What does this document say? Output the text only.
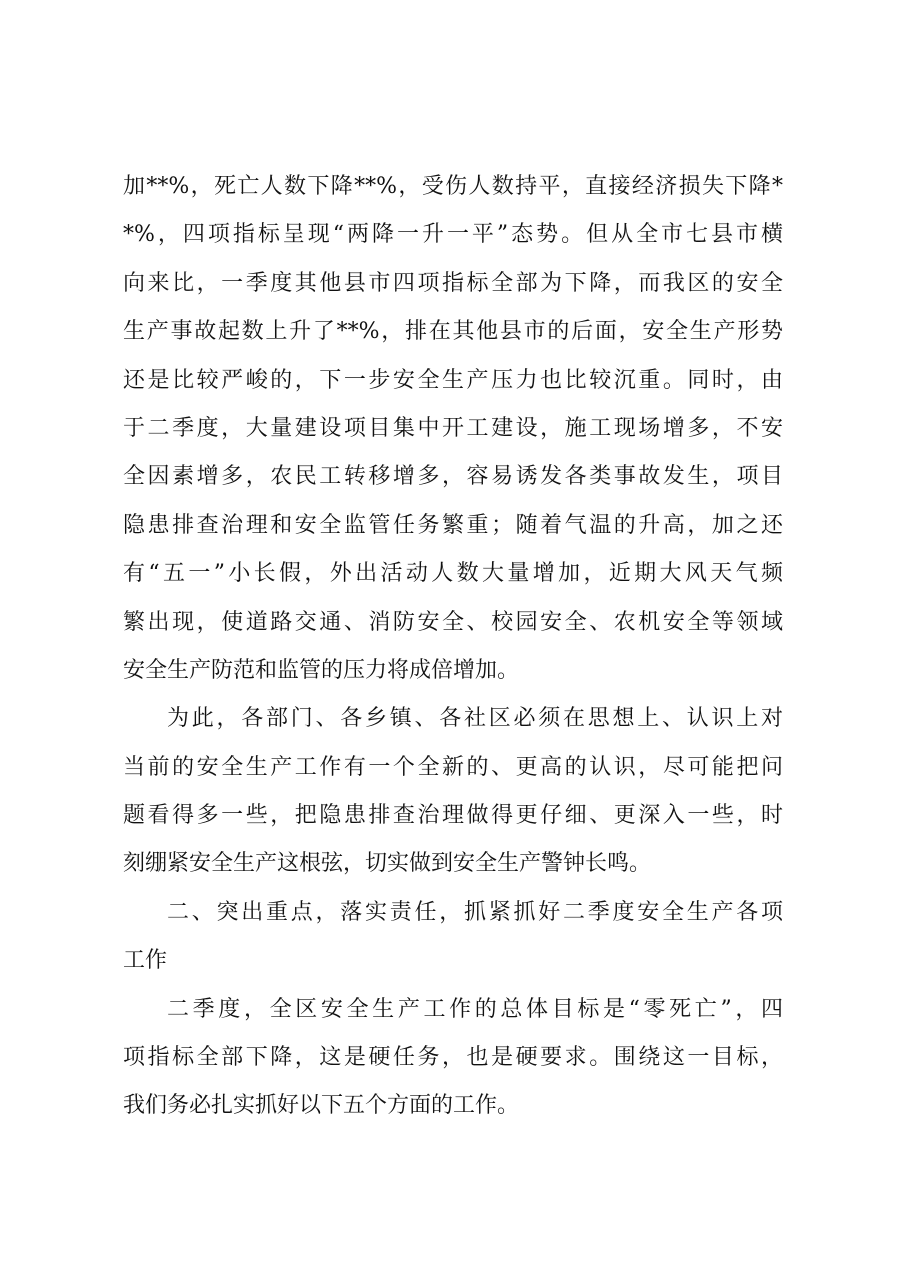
加**%，死亡人数下降**%，受伤人数持平，直接经济损失下降*
*%，四项指标呈现“两降一升一平”态势。但从全市七县市横
向来比，一季度其他县市四项指标全部为下降，而我区的安全
生产事故起数上升了**%，排在其他县市的后面，安全生产形势
还是比较严峻的，下一步安全生产压力也比较沉重。同时，由
于二季度，大量建设项目集中开工建设，施工现场增多，不安
全因素增多，农民工转移增多，容易诱发各类事故发生，项目
隐患排查治理和安全监管任务繁重；随着气温的升高，加之还
有“五一”小长假，外出活动人数大量增加，近期大风天气频
繁出现，使道路交通、消防安全、校园安全、农机安全等领域
安全生产防范和监管的压力将成倍增加。
为此，各部门、各乡镇、各社区必须在思想上、认识上对
当前的安全生产工作有一个全新的、更高的认识，尽可能把问
题看得多一些，把隐患排查治理做得更仔细、更深入一些，时
刻绷紧安全生产这根弦，切实做到安全生产警钟长鸣。
二、突出重点，落实责任，抓紧抓好二季度安全生产各项
工作
二季度，全区安全生产工作的总体目标是“零死亡”，四
项指标全部下降，这是硬任务，也是硬要求。围绕这一目标，
我们务必扎实抓好以下五个方面的工作。
